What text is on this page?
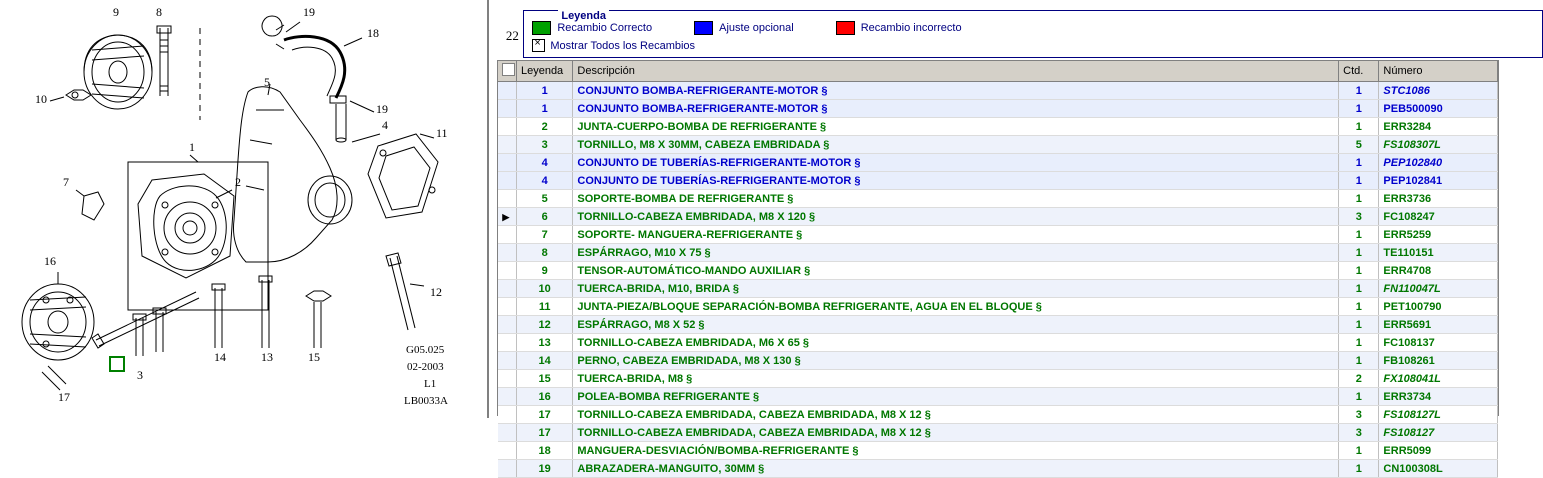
9	8	19
18
10
5
19
4
11
1
7	2
16
12
14	13	15
3
17
G05.025
02-2003
L1
LB0033A
22
Leyenda
Recambio Correcto	Ajuste opcional	Recambio incorrecto
×
Mostrar Todos los Recambios
	Leyenda	Descripción	Ctd.	Número
	1	CONJUNTO BOMBA-REFRIGERANTE-MOTOR §	1	STC1086
	1	CONJUNTO BOMBA-REFRIGERANTE-MOTOR §	1	PEB500090
	2	JUNTA-CUERPO-BOMBA DE REFRIGERANTE §	1	ERR3284
	3	TORNILLO, M8 X 30MM, CABEZA EMBRIDADA §	5	FS108307L
	4	CONJUNTO DE TUBERÍAS-REFRIGERANTE-MOTOR §	1	PEP102840
	4	CONJUNTO DE TUBERÍAS-REFRIGERANTE-MOTOR §	1	PEP102841
	5	SOPORTE-BOMBA DE REFRIGERANTE §	1	ERR3736
▶	6	TORNILLO-CABEZA EMBRIDADA, M8 X 120 §	3	FC108247
	7	SOPORTE- MANGUERA-REFRIGERANTE §	1	ERR5259
	8	ESPÁRRAGO, M10 X 75 §	1	TE110151
	9	TENSOR-AUTOMÁTICO-MANDO AUXILIAR §	1	ERR4708
	10	TUERCA-BRIDA, M10, BRIDA §	1	FN110047L
	11	JUNTA-PIEZA/BLOQUE SEPARACIÓN-BOMBA REFRIGERANTE, AGUA EN EL BLOQUE §	1	PET100790
	12	ESPÁRRAGO, M8 X 52 §	1	ERR5691
	13	TORNILLO-CABEZA EMBRIDADA, M6 X 65 §	1	FC108137
	14	PERNO, CABEZA EMBRIDADA, M8 X 130 §	1	FB108261
	15	TUERCA-BRIDA, M8 §	2	FX108041L
	16	POLEA-BOMBA REFRIGERANTE §	1	ERR3734
	17	TORNILLO-CABEZA EMBRIDADA, CABEZA EMBRIDADA, M8 X 12 §	3	FS108127L
	17	TORNILLO-CABEZA EMBRIDADA, CABEZA EMBRIDADA, M8 X 12 §	3	FS108127
	18	MANGUERA-DESVIACIÓN/BOMBA-REFRIGERANTE §	1	ERR5099
	19	ABRAZADERA-MANGUITO, 30MM §	1	CN100308L
